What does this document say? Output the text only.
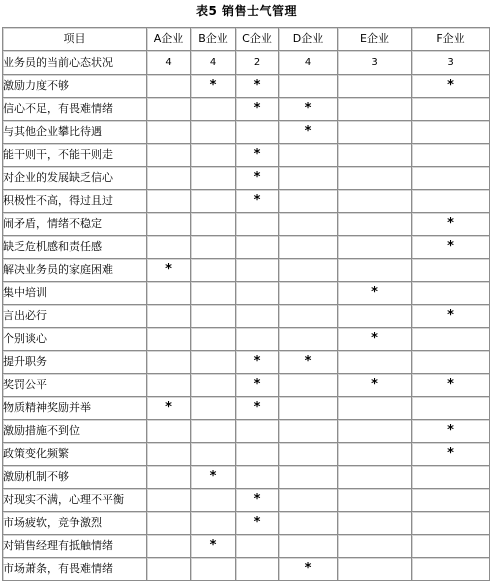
表5 销售士气管理
项目	A企业	B企业	C企业	D企业	E企业	F企业
业务员的当前心态状况	4	4	2	4	3	3
激励力度不够		*	*			*
信心不足，有畏难情绪			*	*		
与其他企业攀比待遇				*		
能干则干，不能干则走			*			
对企业的发展缺乏信心			*			
积极性不高，得过且过			*			
闹矛盾，情绪不稳定						*
缺乏危机感和责任感						*
解决业务员的家庭困难	*					
集中培训					*	
言出必行						*
个别谈心					*	
提升职务			*	*		
奖罚公平			*		*	*
物质精神奖励并举	*		*			
激励措施不到位						*
政策变化频繁						*
激励机制不够		*				
对现实不满，心理不平衡			*			
市场疲软，竞争激烈			*			
对销售经理有抵触情绪		*				
市场萧条，有畏难情绪				*		
